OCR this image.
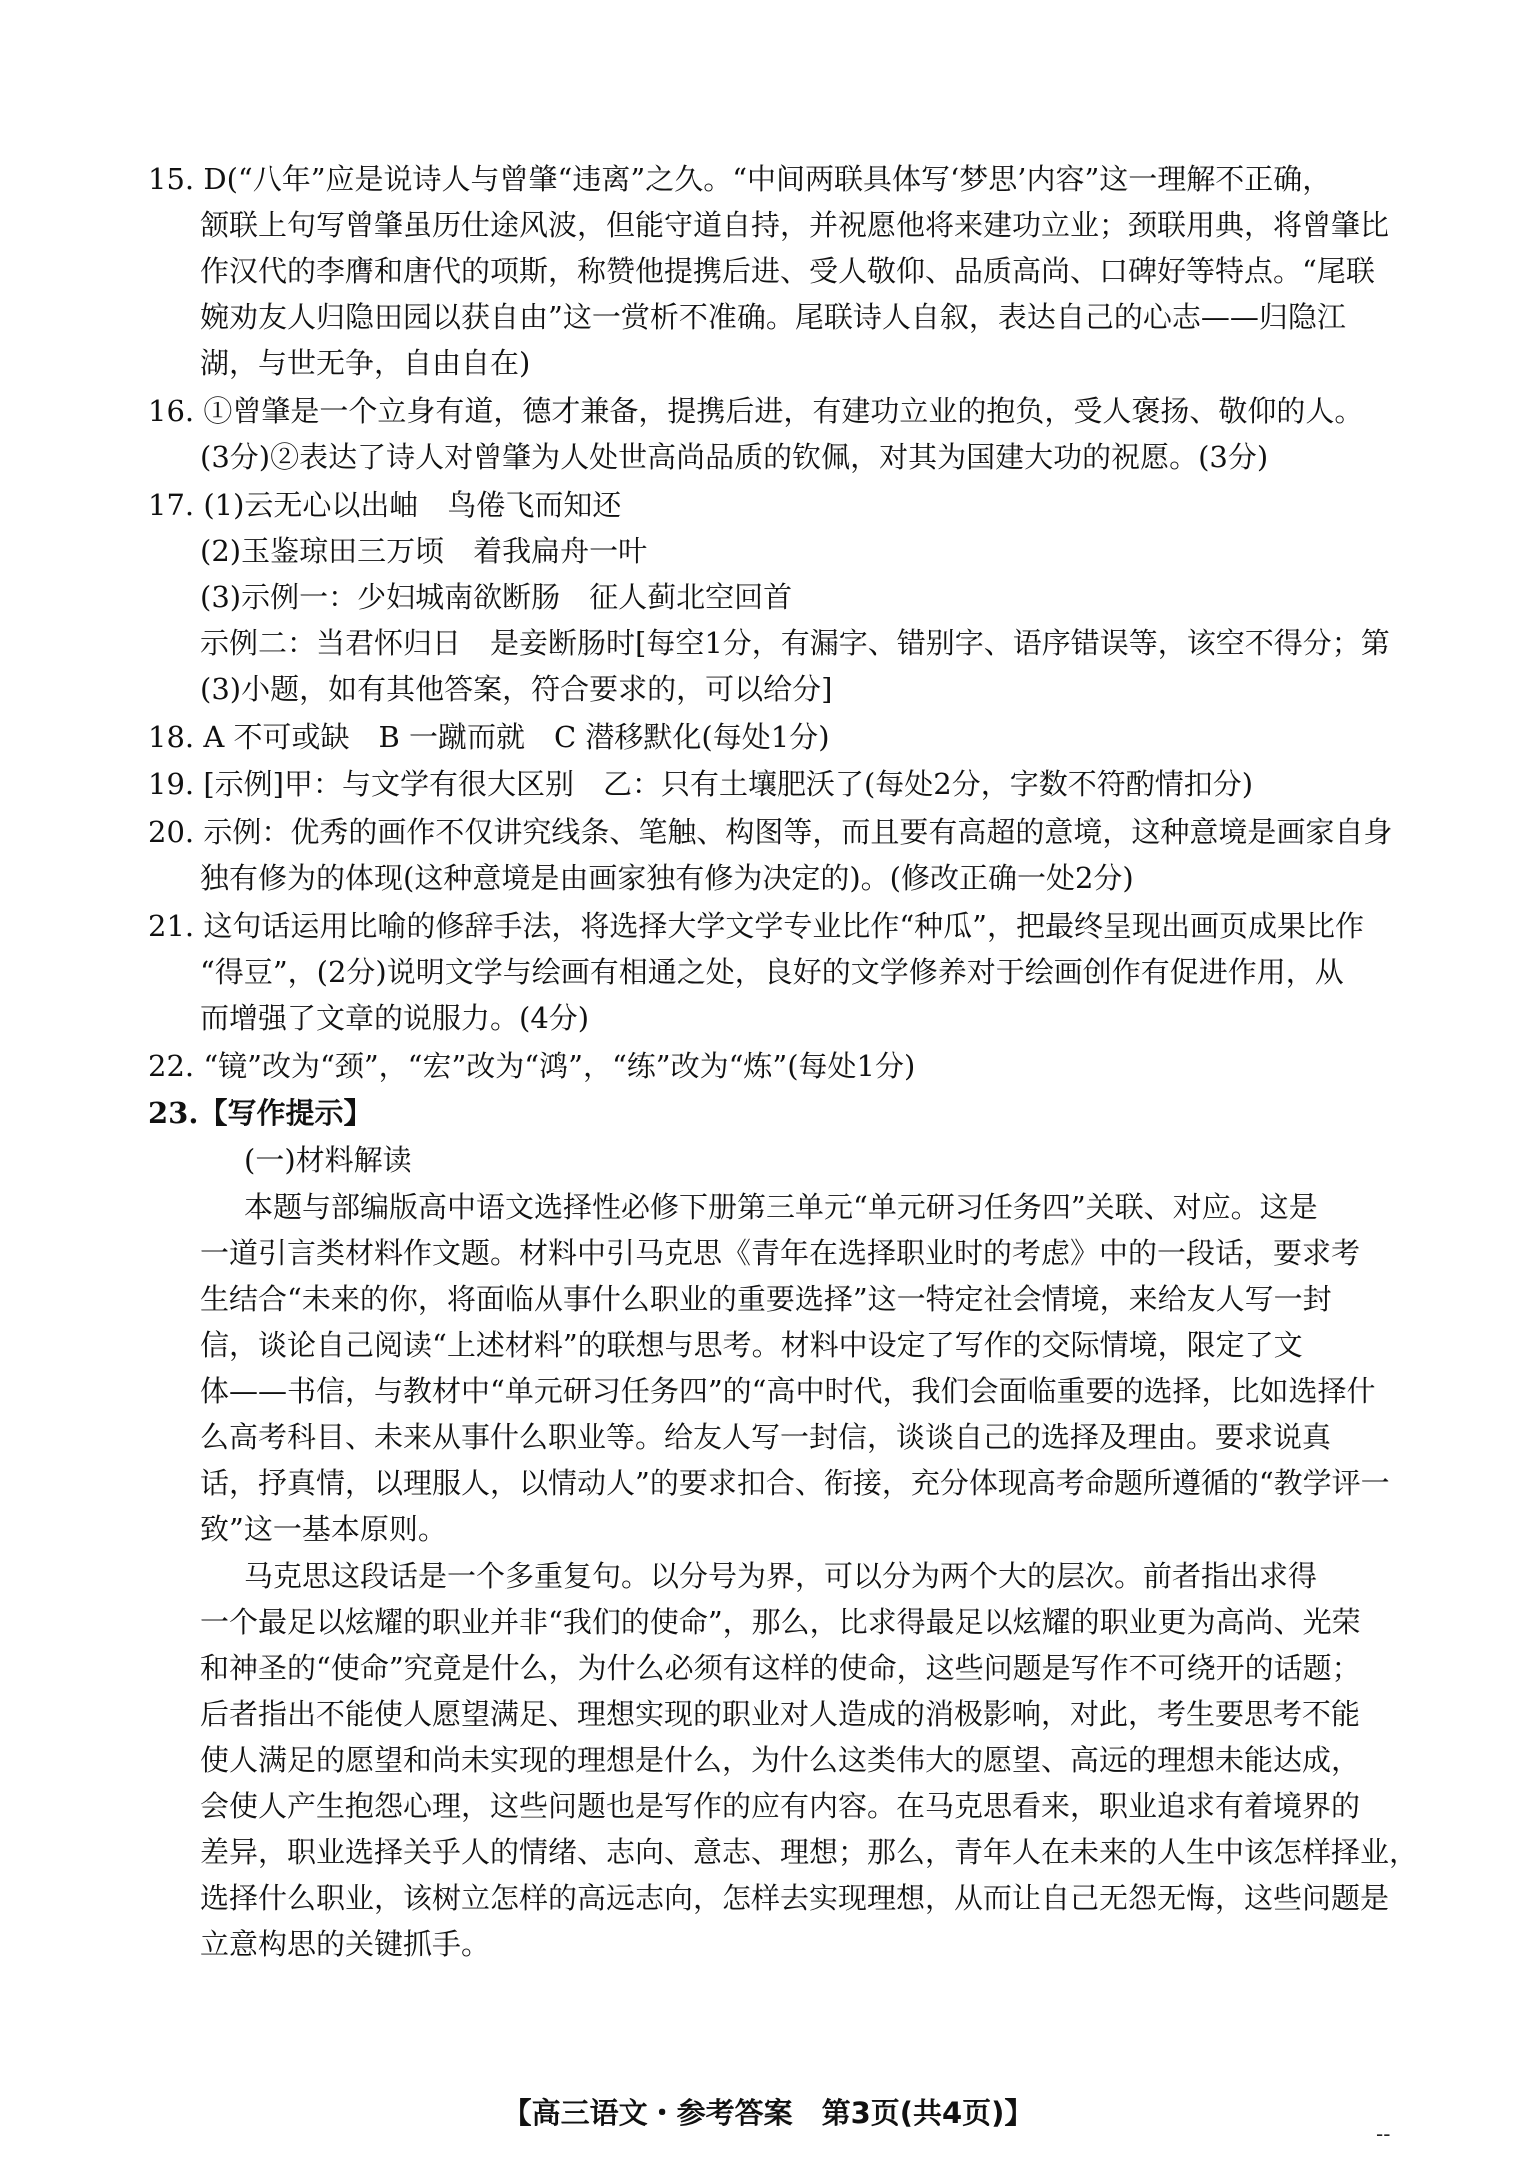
15. D(“八年”应是说诗人与曾肇“违离”之久。“中间两联具体写‘梦思’内容”这一理解不正确，
颔联上句写曾肇虽历仕途风波，但能守道自持，并祝愿他将来建功立业；颈联用典，将曾肇比
作汉代的李膺和唐代的项斯，称赞他提携后进、受人敬仰、品质高尚、口碑好等特点。“尾联
婉劝友人归隐田园以获自由”这一赏析不准确。尾联诗人自叙，表达自己的心志——归隐江
湖，与世无争，自由自在)
16. ①曾肇是一个立身有道，德才兼备，提携后进，有建功立业的抱负，受人褒扬、敬仰的人。
(3分)②表达了诗人对曾肇为人处世高尚品质的钦佩，对其为国建大功的祝愿。(3分)
17. (1)云无心以出岫　鸟倦飞而知还
(2)玉鉴琼田三万顷　着我扁舟一叶
(3)示例一：少妇城南欲断肠　征人蓟北空回首
示例二：当君怀归日　是妾断肠时[每空1分，有漏字、错别字、语序错误等，该空不得分；第
(3)小题，如有其他答案，符合要求的，可以给分]
18. A 不可或缺　B 一蹴而就　C 潜移默化(每处1分)
19. [示例]甲：与文学有很大区别　乙：只有土壤肥沃了(每处2分，字数不符酌情扣分)
20. 示例：优秀的画作不仅讲究线条、笔触、构图等，而且要有高超的意境，这种意境是画家自身
独有修为的体现(这种意境是由画家独有修为决定的)。(修改正确一处2分)
21. 这句话运用比喻的修辞手法，将选择大学文学专业比作“种瓜”，把最终呈现出画页成果比作
“得豆”，(2分)说明文学与绘画有相通之处，良好的文学修养对于绘画创作有促进作用，从
而增强了文章的说服力。(4分)
22. “镜”改为“颈”，“宏”改为“鸿”，“练”改为“炼”(每处1分)
23.【写作提示】
(一)材料解读
本题与部编版高中语文选择性必修下册第三单元“单元研习任务四”关联、对应。这是
一道引言类材料作文题。材料中引马克思《青年在选择职业时的考虑》中的一段话，要求考
生结合“未来的你，将面临从事什么职业的重要选择”这一特定社会情境，来给友人写一封
信，谈论自己阅读“上述材料”的联想与思考。材料中设定了写作的交际情境，限定了文
体——书信，与教材中“单元研习任务四”的“高中时代，我们会面临重要的选择，比如选择什
么高考科目、未来从事什么职业等。给友人写一封信，谈谈自己的选择及理由。要求说真
话，抒真情，以理服人，以情动人”的要求扣合、衔接，充分体现高考命题所遵循的“教学评一
致”这一基本原则。
马克思这段话是一个多重复句。以分号为界，可以分为两个大的层次。前者指出求得
一个最足以炫耀的职业并非“我们的使命”，那么，比求得最足以炫耀的职业更为高尚、光荣
和神圣的“使命”究竟是什么，为什么必须有这样的使命，这些问题是写作不可绕开的话题；
后者指出不能使人愿望满足、理想实现的职业对人造成的消极影响，对此，考生要思考不能
使人满足的愿望和尚未实现的理想是什么，为什么这类伟大的愿望、高远的理想未能达成，
会使人产生抱怨心理，这些问题也是写作的应有内容。在马克思看来，职业追求有着境界的
差异，职业选择关乎人的情绪、志向、意志、理想；那么，青年人在未来的人生中该怎样择业，
选择什么职业，该树立怎样的高远志向，怎样去实现理想，从而让自己无怨无悔，这些问题是
立意构思的关键抓手。
【高三语文・参考答案　第3页(共4页)】
--
